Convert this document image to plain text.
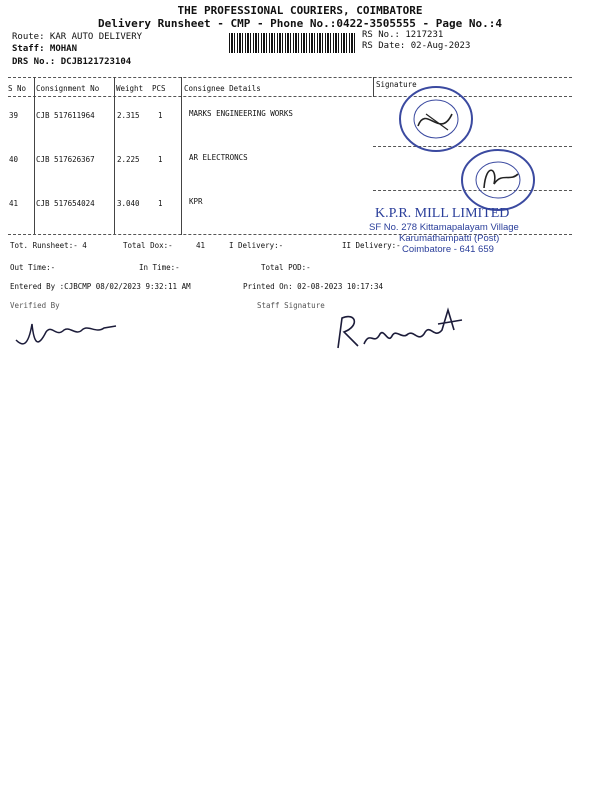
THE PROFESSIONAL COURIERS, COIMBATORE
Delivery Runsheet - CMP - Phone No.:0422-3505555 - Page No.:4
Route: KAR AUTO DELIVERY
Staff: MOHAN
DRS No.: DCJB121723104
RS No.: 1217231
RS Date: 02-Aug-2023
S No Consignment No Weight PCS Consignee Details	Signature
39 CJB 517611964	2.315 1	MARKS ENGINEERING WORKS
40 CJB 517626367	2.225 1	AR ELECTRONCS
41 CJB 517654024	3.040 1	KPR
K.P.R. MILL LIMITED
SF No. 278 Kittamapalayam Village
Karumathampatti (Post)
Coimbatore - 641 659
Tot. Runsheet:- 4	Total Dox:-	41	I Delivery:-	II Delivery:-
Out Time:-	In Time:-	Total POD:-
Entered By :CJBCMP 08/02/2023 9:32:11 AM	Printed On: 02-08-2023 10:17:34
Verified By	Staff Signature
